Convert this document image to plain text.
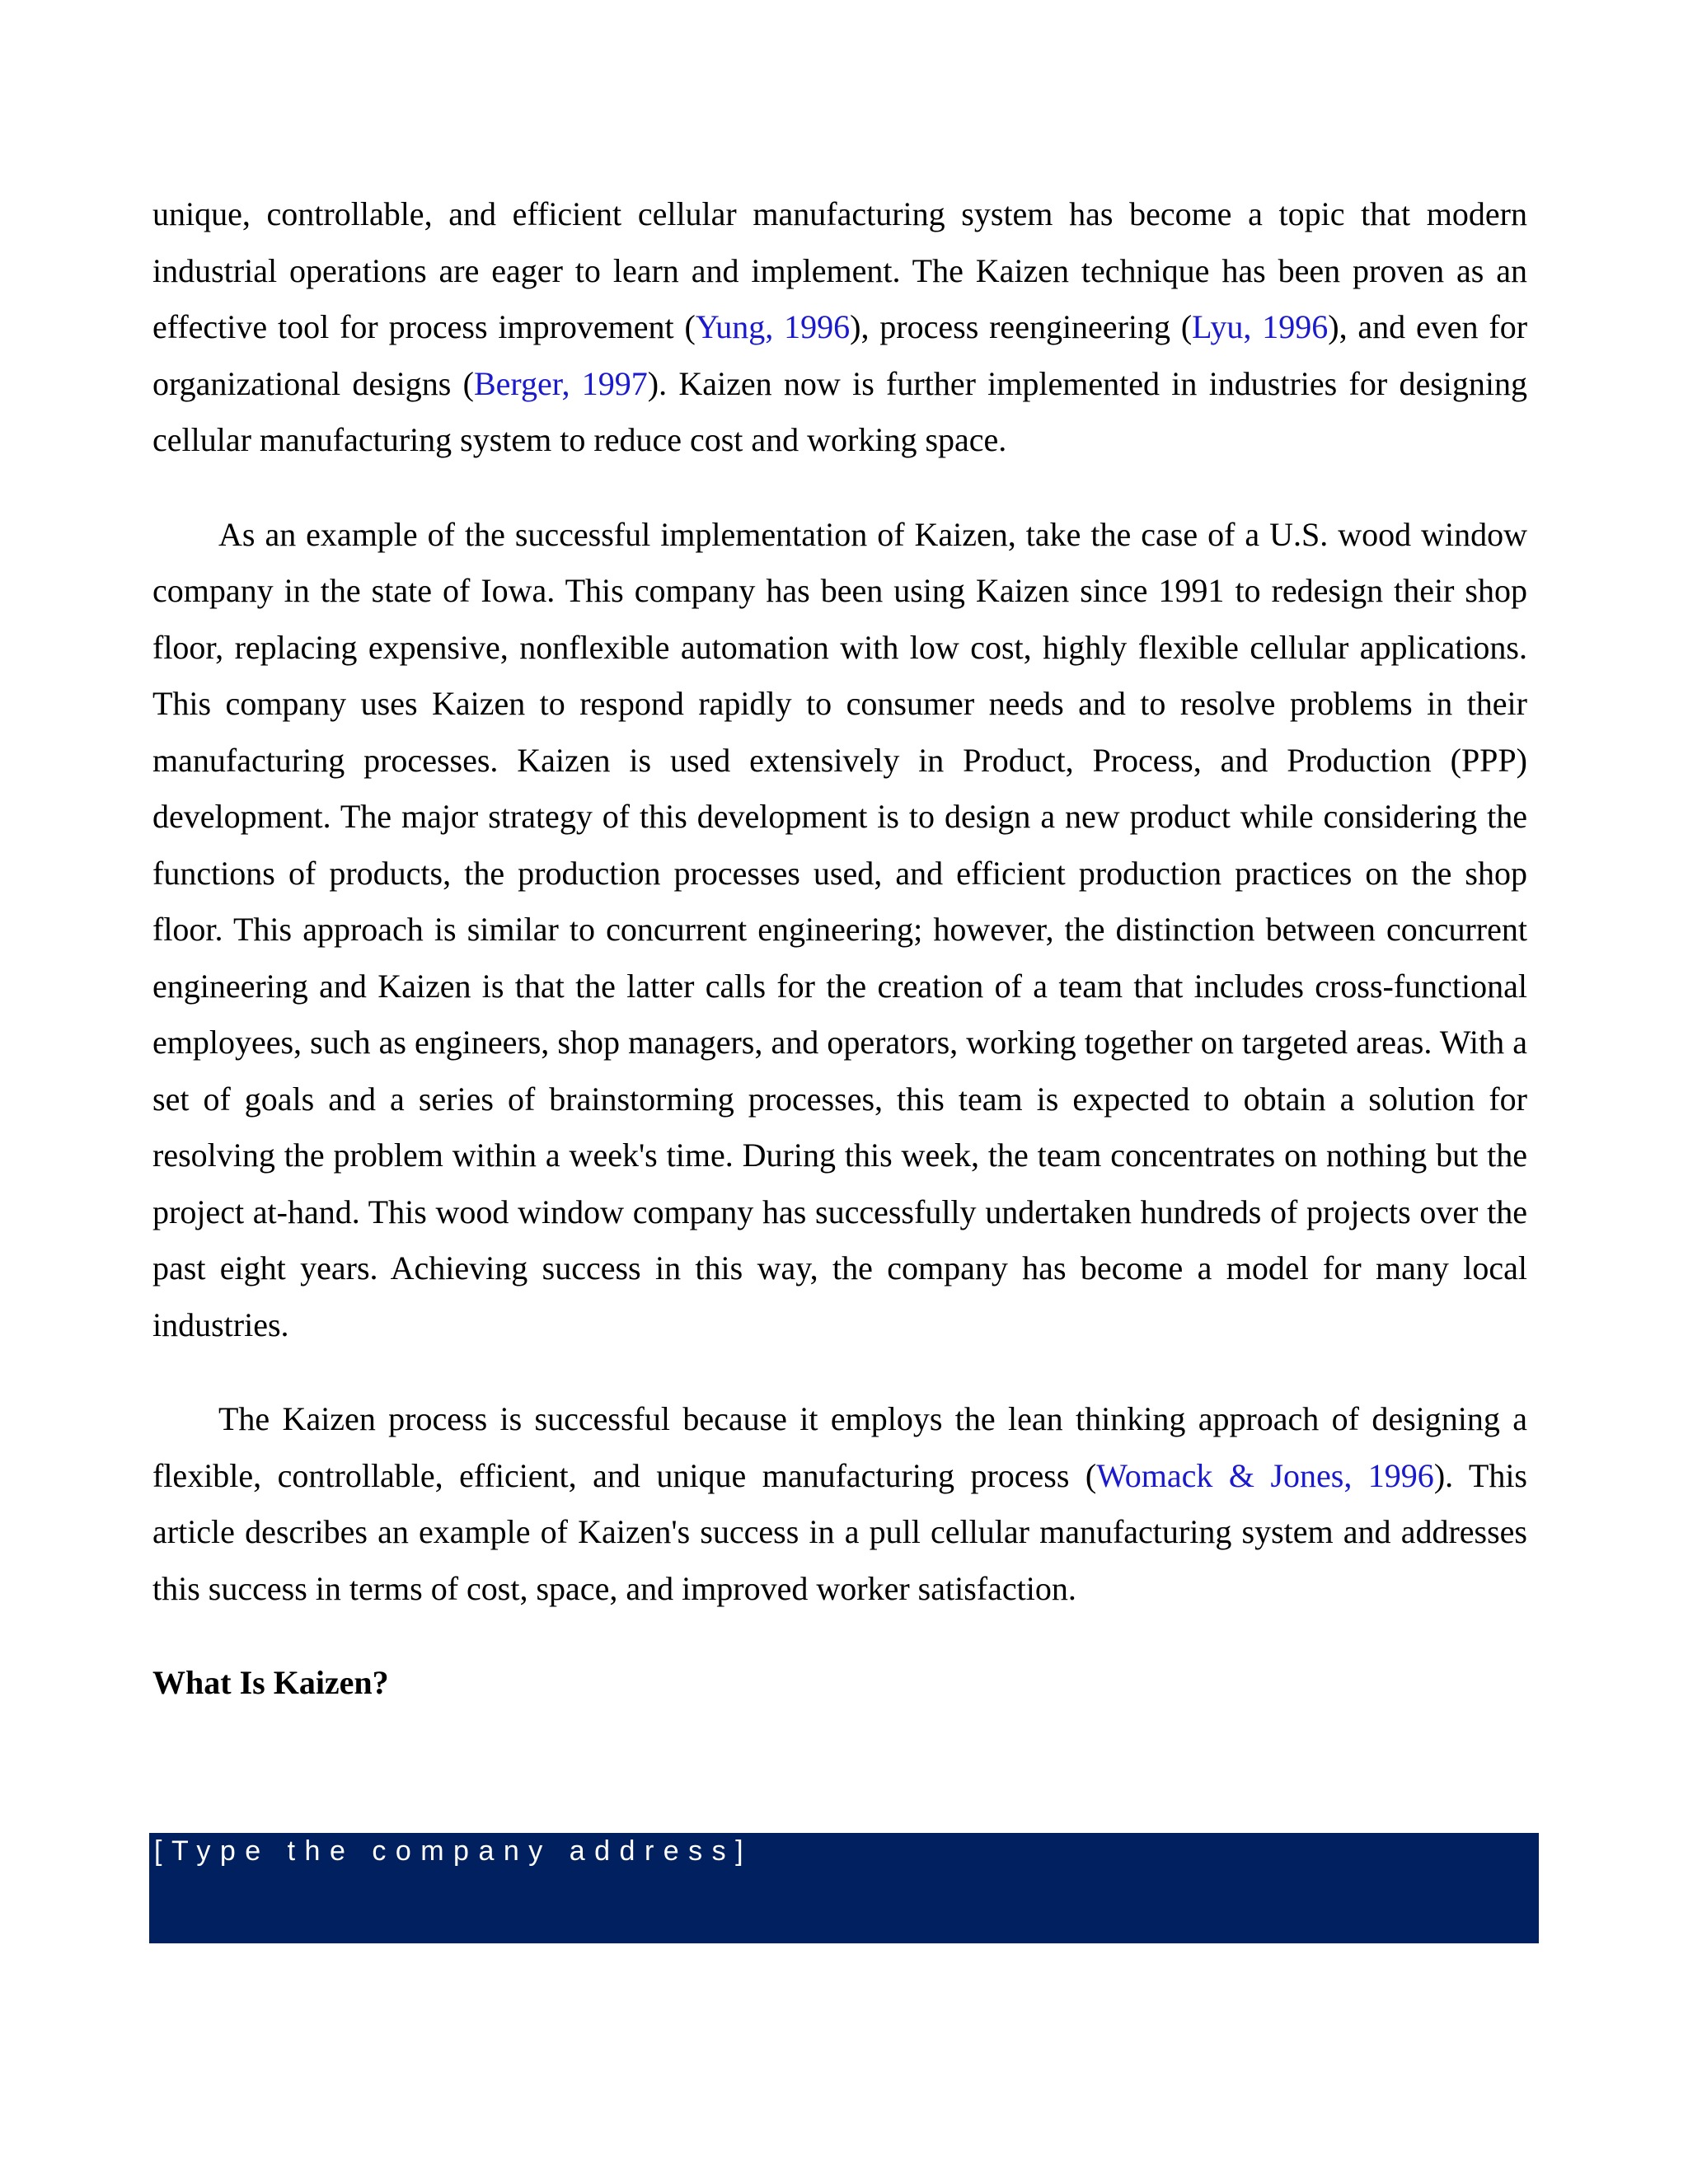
unique, controllable, and efficient cellular manufacturing system has become a topic that modern industrial operations are eager to learn and implement. The Kaizen technique has been proven as an effective tool for process improvement (Yung, 1996), process reengineering (Lyu, 1996), and even for organizational designs (Berger, 1997). Kaizen now is further implemented in industries for designing cellular manufacturing system to reduce cost and working space.

As an example of the successful implementation of Kaizen, take the case of a U.S. wood window company in the state of Iowa. This company has been using Kaizen since 1991 to redesign their shop floor, replacing expensive, nonflexible automation with low cost, highly flexible cellular applications. This company uses Kaizen to respond rapidly to consumer needs and to resolve problems in their manufacturing processes. Kaizen is used extensively in Product, Process, and Production (PPP) development. The major strategy of this development is to design a new product while considering the functions of products, the production processes used, and efficient production practices on the shop floor. This approach is similar to concurrent engineering; however, the distinction between concurrent engineering and Kaizen is that the latter calls for the creation of a team that includes cross-functional employees, such as engineers, shop managers, and operators, working together on targeted areas. With a set of goals and a series of brainstorming processes, this team is expected to obtain a solution for resolving the problem within a week's time. During this week, the team concentrates on nothing but the project at-hand. This wood window company has successfully undertaken hundreds of projects over the past eight years. Achieving success in this way, the company has become a model for many local industries.

The Kaizen process is successful because it employs the lean thinking approach of designing a flexible, controllable, efficient, and unique manufacturing process (Womack & Jones, 1996). This article describes an example of Kaizen's success in a pull cellular manufacturing system and addresses this success in terms of cost, space, and improved worker satisfaction.

What Is Kaizen?
[Type the company address]
